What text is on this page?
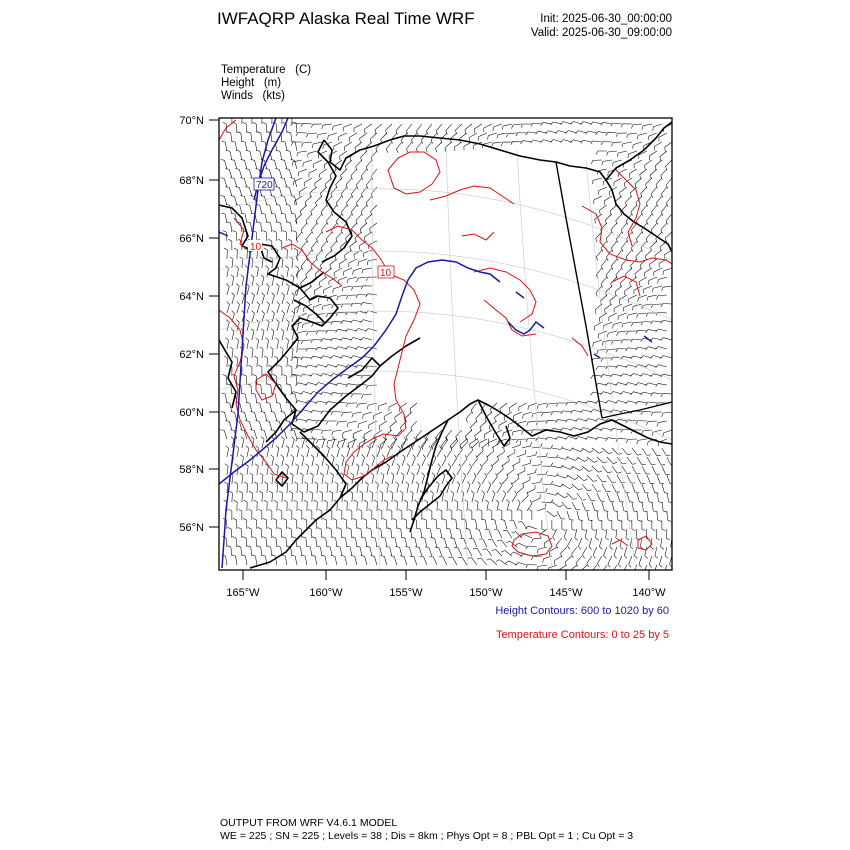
IWFAQRP Alaska Real Time WRF	Init: 2025-06-30_00:00:00
Valid: 2025-06-30_09:00:00
Temperature (C)
Height (m)
Winds (kts)
720
10
10
70°N
68°N
66°N
64°N
62°N
60°N
58°N
56°N
165°W	160°W	155°W	150°W	145°W	140°W
Height Contours: 600 to 1020 by 60
Temperature Contours: 0 to 25 by 5
OUTPUT FROM WRF V4.6.1 MODEL
WE = 225 ; SN = 225 ; Levels = 38 ; Dis = 8km ; Phys Opt = 8 ; PBL Opt = 1 ; Cu Opt = 3
